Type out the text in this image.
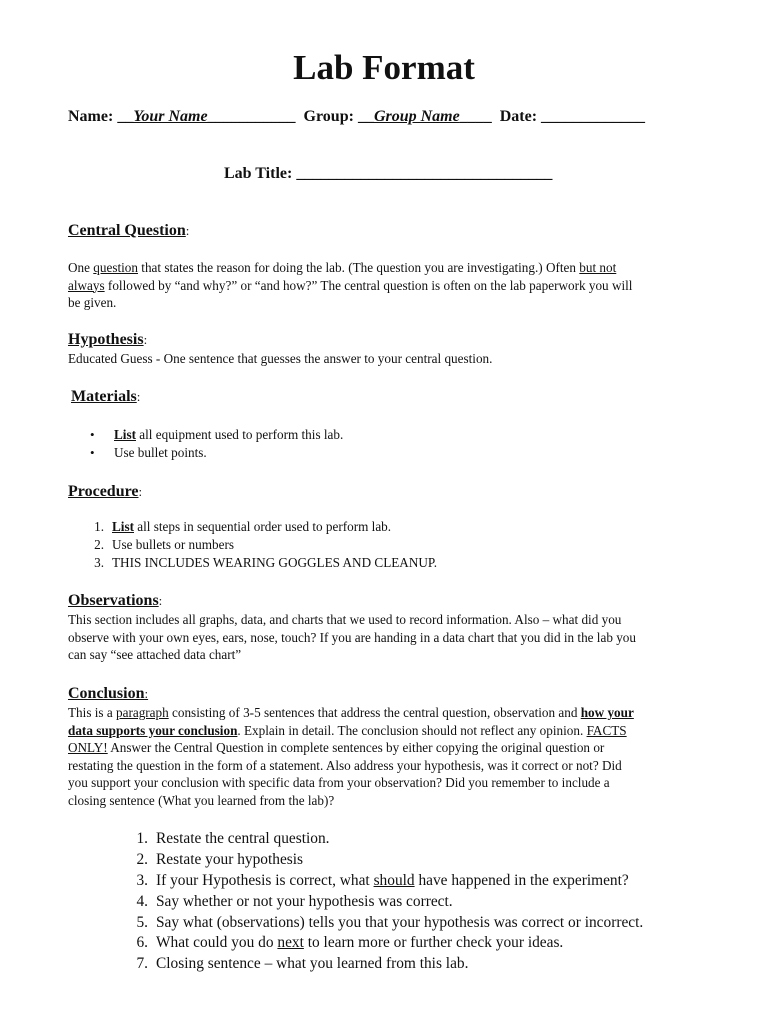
Lab Format
Name: __Your Name___________ Group: __Group Name____ Date: _____________
Lab Title: ________________________________
Central Question:
One question that states the reason for doing the lab. (The question you are investigating.) Often but not
always followed by “and why?” or “and how?” The central question is often on the lab paperwork you will
be given.
Hypothesis:
Educated Guess - One sentence that guesses the answer to your central question.
Materials:
• List all equipment used to perform this lab.
• Use bullet points.
Procedure:
1. List all steps in sequential order used to perform lab.
2. Use bullets or numbers
3. THIS INCLUDES WEARING GOGGLES AND CLEANUP.
Observations:
This section includes all graphs, data, and charts that we used to record information. Also – what did you
observe with your own eyes, ears, nose, touch? If you are handing in a data chart that you did in the lab you
can say “see attached data chart”
Conclusion:
This is a paragraph consisting of 3-5 sentences that address the central question, observation and how your
data supports your conclusion. Explain in detail. The conclusion should not reflect any opinion. FACTS
ONLY! Answer the Central Question in complete sentences by either copying the original question or
restating the question in the form of a statement. Also address your hypothesis, was it correct or not? Did
you support your conclusion with specific data from your observation? Did you remember to include a
closing sentence (What you learned from the lab)?
1. Restate the central question.
2. Restate your hypothesis
3. If your Hypothesis is correct, what should have happened in the experiment?
4. Say whether or not your hypothesis was correct.
5. Say what (observations) tells you that your hypothesis was correct or incorrect.
6. What could you do next to learn more or further check your ideas.
7. Closing sentence – what you learned from this lab.
